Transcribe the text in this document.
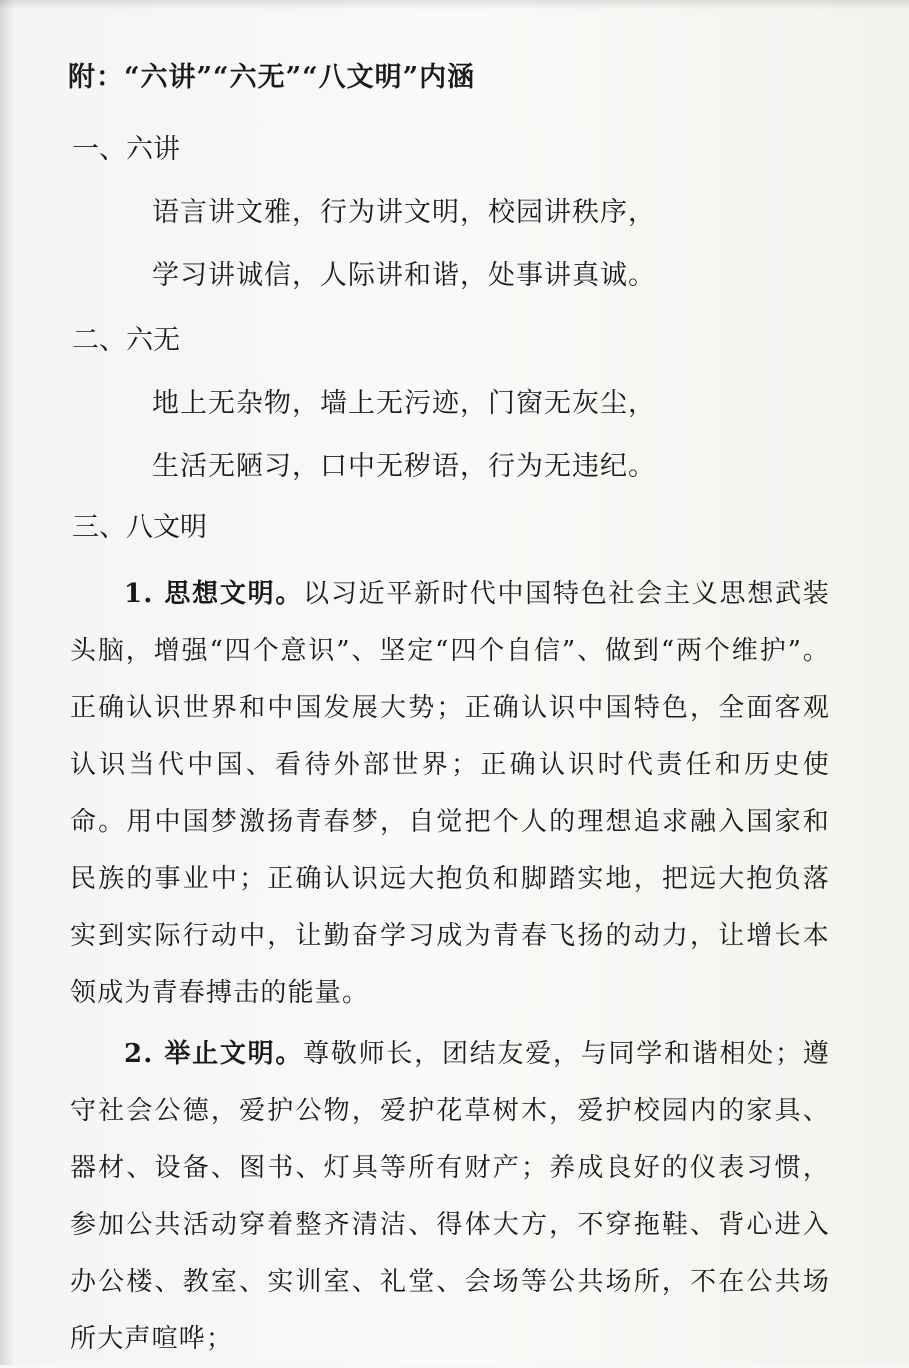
附：“六讲”“六无”“八文明”内涵
一、六讲
语言讲文雅，行为讲文明，校园讲秩序，
学习讲诚信，人际讲和谐，处事讲真诚。
二、六无
地上无杂物，墙上无污迹，门窗无灰尘，
生活无陋习，口中无秽语，行为无违纪。
三、八文明
1. 思想文明。以习近平新时代中国特色社会主义思想武装头脑，增强“四个意识”、坚定“四个自信”、做到“两个维护”。正确认识世界和中国发展大势；正确认识中国特色，全面客观认识当代中国、看待外部世界；正确认识时代责任和历史使命。用中国梦激扬青春梦，自觉把个人的理想追求融入国家和民族的事业中；正确认识远大抱负和脚踏实地，把远大抱负落实到实际行动中，让勤奋学习成为青春飞扬的动力，让增长本领成为青春搏击的能量。
2. 举止文明。尊敬师长，团结友爱，与同学和谐相处；遵守社会公德，爱护公物，爱护花草树木，爱护校园内的家具、器材、设备、图书、灯具等所有财产；养成良好的仪表习惯，参加公共活动穿着整齐清洁、得体大方，不穿拖鞋、背心进入办公楼、教室、实训室、礼堂、会场等公共场所，不在公共场所大声喧哗；
